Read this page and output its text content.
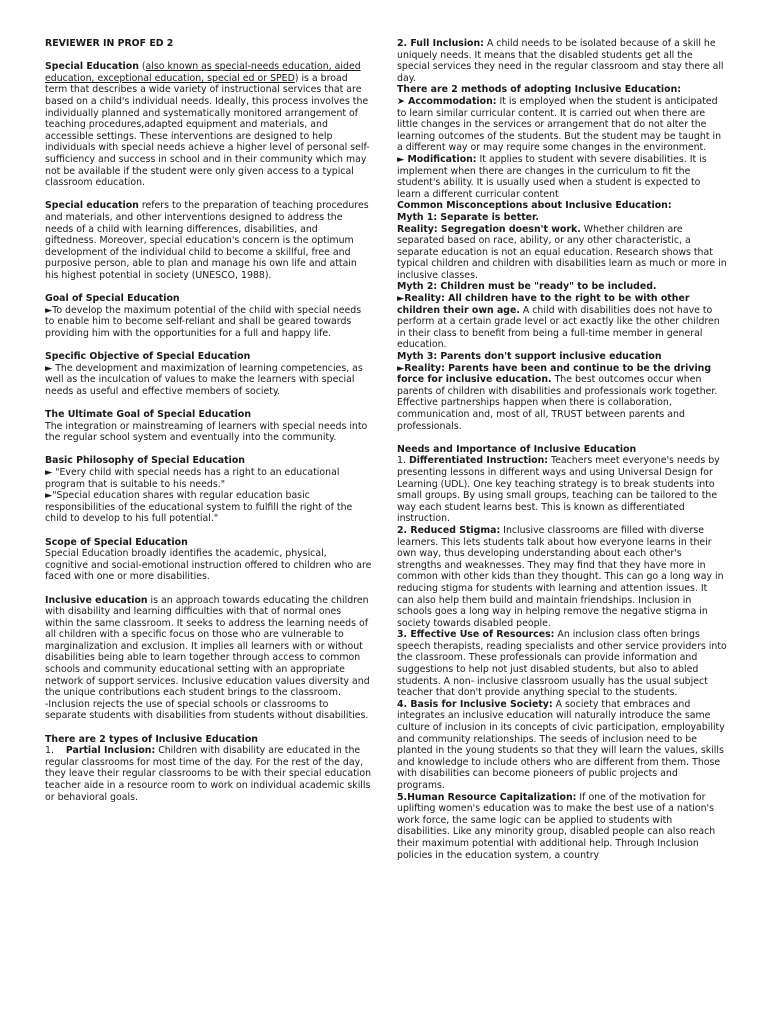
REVIEWER IN PROF ED 2

Special Education (also known as special-needs education, aided education, exceptional education, special ed or SPED) is a broad term that describes a wide variety of instructional services that are based on a child's individual needs. Ideally, this process involves the individually planned and systematically monitored arrangement of teaching procedures,adapted equipment and materials, and accessible settings. These interventions are designed to help individuals with special needs achieve a higher level of personal self-sufficiency and success in school and in their community which may not be available if the student were only given access to a typical classroom education.

Special education refers to the preparation of teaching procedures and materials, and other interventions designed to address the needs of a child with learning differences, disabilities, and giftedness. Moreover, special education's concern is the optimum development of the individual child to become a skillful, free and purposive person, able to plan and manage his own life and attain his highest potential in society (UNESCO, 1988).

Goal of Special Education

►To develop the maximum potential of the child with special needs to enable him to become self-reliant and shall be geared towards providing him with the opportunities for a full and happy life.

Specific Objective of Special Education

► The development and maximization of learning competencies, as well as the inculcation of values to make the learners with special needs as useful and effective members of society.

The Ultimate Goal of Special Education

The integration or mainstreaming of learners with special needs into the regular school system and eventually into the community.

Basic Philosophy of Special Education

► "Every child with special needs has a right to an educational program that is suitable to his needs."

►"Special education shares with regular education basic responsibilities of the educational system to fulfill the right of the child to develop to his full potential."

Scope of Special Education

Special Education broadly identifies the academic, physical, cognitive and social-emotional instruction offered to children who are faced with one or more disabilities.

Inclusive education is an approach towards educating the children with disability and learning difficulties with that of normal ones within the same classroom. It seeks to address the learning needs of all children with a specific focus on those who are vulnerable to marginalization and exclusion. It implies all learners with or without disabilities being able to learn together through access to common schools and community educational setting with an appropriate network of support services. Inclusive education values diversity and the unique contributions each student brings to the classroom.

-Inclusion rejects the use of special schools or classrooms to separate students with disabilities from students without disabilities.

There are 2 types of Inclusive Education

1.    Partial Inclusion: Children with disability are educated in the regular classrooms for most time of the day. For the rest of the day, they leave their regular classrooms to be with their special education teacher aide in a resource room to work on individual academic skills or behavioral goals.

2. Full Inclusion: A child needs to be isolated because of a skill he uniquely needs. It means that the disabled students get all the special services they need in the regular classroom and stay there all day.

There are 2 methods of adopting Inclusive Education:

➤ Accommodation: It is employed when the student is anticipated to learn similar curricular content. It is carried out when there are little changes in the services or arrangement that do not alter the learning outcomes of the students. But the student may be taught in a different way or may require some changes in the environment.

► Modification: It applies to student with severe disabilities. It is implement when there are changes in the curriculum to fit the student's ability. It is usually used when a student is expected to learn a different curricular content

Common Misconceptions about Inclusive Education:

Myth 1: Separate is better.

Reality: Segregation doesn't work. Whether children are separated based on race, ability, or any other characteristic, a separate education is not an equal education. Research shows that typical children and children with disabilities learn as much or more in inclusive classes.

Myth 2: Children must be "ready" to be included.

►Reality: All children have to the right to be with other children their own age. A child with disabilities does not have to perform at a certain grade level or act exactly like the other children in their class to benefit from being a full-time member in general education.

Myth 3: Parents don't support inclusive education

►Reality: Parents have been and continue to be the driving force for inclusive education. The best outcomes occur when parents of children with disabilities and professionals work together. Effective partnerships happen when there is collaboration, communication and, most of all, TRUST between parents and professionals.

Needs and Importance of Inclusive Education

1. Differentiated Instruction: Teachers meet everyone's needs by presenting lessons in different ways and using Universal Design for Learning (UDL). One key teaching strategy is to break students into small groups. By using small groups, teaching can be tailored to the way each student learns best. This is known as differentiated instruction.

2. Reduced Stigma: Inclusive classrooms are filled with diverse learners. This lets students talk about how everyone learns in their own way, thus developing understanding about each other's strengths and weaknesses. They may find that they have more in common with other kids than they thought. This can go a long way in reducing stigma for students with learning and attention issues. It can also help them build and maintain friendships. Inclusion in schools goes a long way in helping remove the negative stigma in society towards disabled people.

3. Effective Use of Resources: An inclusion class often brings speech therapists, reading specialists and other service providers into the classroom. These professionals can provide information and suggestions to help not just disabled students, but also to abled students. A non- inclusive classroom usually has the usual subject teacher that don't provide anything special to the students.

4. Basis for Inclusive Society: A society that embraces and integrates an inclusive education will naturally introduce the same culture of inclusion in its concepts of civic participation, employability and community relationships. The seeds of inclusion need to be planted in the young students so that they will learn the values, skills and knowledge to include others who are different from them. Those with disabilities can become pioneers of public projects and programs.

5.Human Resource Capitalization: If one of the motivation for uplifting women's education was to make the best use of a nation's work force, the same logic can be applied to students with disabilities. Like any minority group, disabled people can also reach their maximum potential with additional help. Through Inclusion policies in the education system, a country
